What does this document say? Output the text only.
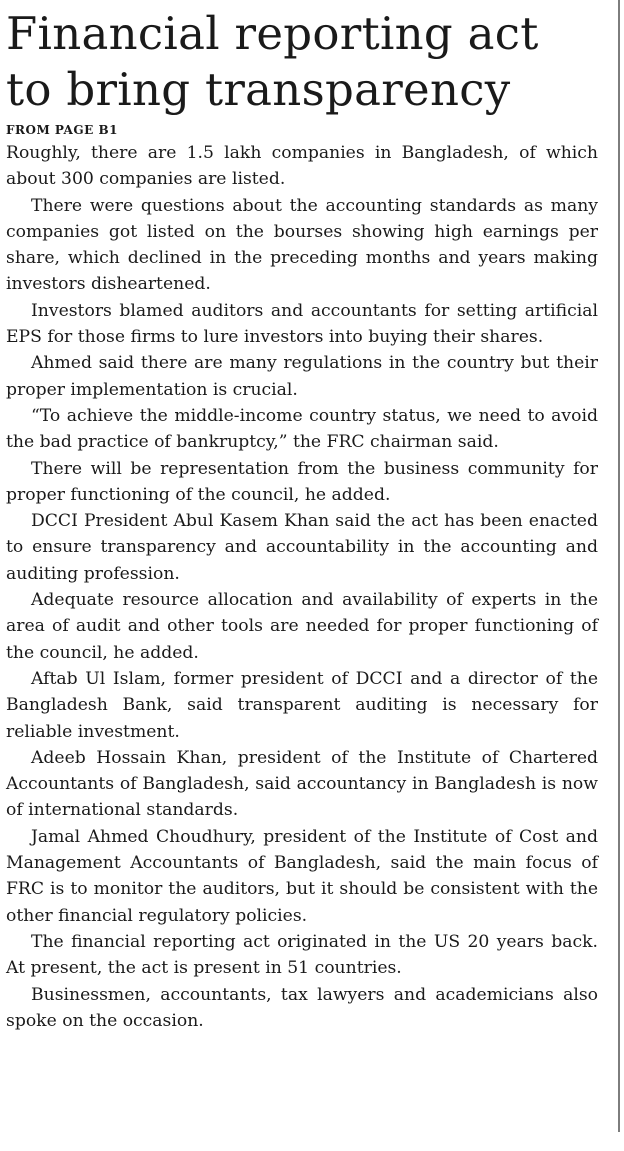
Financial reporting act
to bring transparency
FROM PAGE B1

Roughly, there are 1.5 lakh companies in Bangladesh, of which about 300 companies are listed.

There were questions about the accounting standards as many companies got listed on the bourses showing high earnings per share, which declined in the preceding months and years making investors disheartened.

Investors blamed auditors and accountants for setting artificial EPS for those firms to lure investors into buying their shares.

Ahmed said there are many regulations in the country but their proper implementation is crucial.

“To achieve the middle-income country status, we need to avoid the bad practice of bankruptcy,” the FRC chairman said.

There will be representation from the business community for proper functioning of the council, he added.

DCCI President Abul Kasem Khan said the act has been enacted to ensure transparency and accountability in the accounting and auditing profession.

Adequate resource allocation and availability of experts in the area of audit and other tools are needed for proper functioning of the council, he added.

Aftab Ul Islam, former president of DCCI and a director of the Bangladesh Bank, said transparent auditing is necessary for reliable investment.

Adeeb Hossain Khan, president of the Institute of Chartered Accountants of Bangladesh, said accountancy in Bangladesh is now of international standards.

Jamal Ahmed Choudhury, president of the Institute of Cost and Management Accountants of Bangladesh, said the main focus of FRC is to monitor the auditors, but it should be consistent with the other financial regulatory policies.

The financial reporting act originated in the US 20 years back. At present, the act is present in 51 countries.

Businessmen, accountants, tax lawyers and academicians also spoke on the occasion.
